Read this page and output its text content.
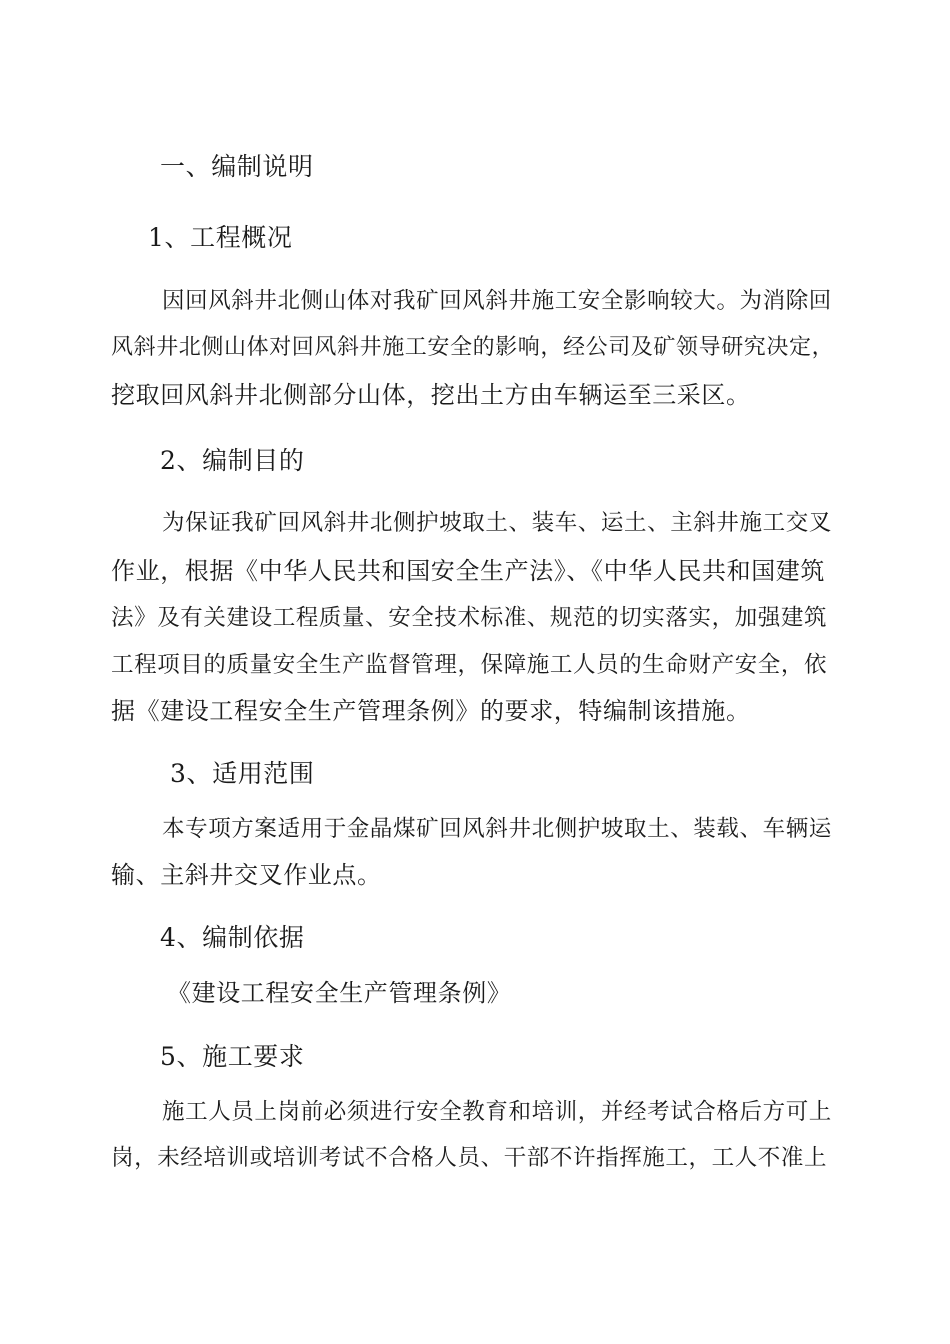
一、编制说明
1、工程概况
因回风斜井北侧山体对我矿回风斜井施工安全影响较大。为消除回
风斜井北侧山体对回风斜井施工安全的影响，经公司及矿领导研究决定，
挖取回风斜井北侧部分山体，挖出土方由车辆运至三采区。
2、编制目的
为保证我矿回风斜井北侧护坡取土、装车、运土、主斜井施工交叉
作业，根据《中华人民共和国安全生产法》、《中华人民共和国建筑
法》及有关建设工程质量、安全技术标准、规范的切实落实，加强建筑
工程项目的质量安全生产监督管理，保障施工人员的生命财产安全，依
据《建设工程安全生产管理条例》的要求，特编制该措施。
3、适用范围
本专项方案适用于金晶煤矿回风斜井北侧护坡取土、装载、车辆运
输、主斜井交叉作业点。
4、编制依据
《建设工程安全生产管理条例》
5、施工要求
施工人员上岗前必须进行安全教育和培训，并经考试合格后方可上
岗，未经培训或培训考试不合格人员、干部不许指挥施工，工人不准上
